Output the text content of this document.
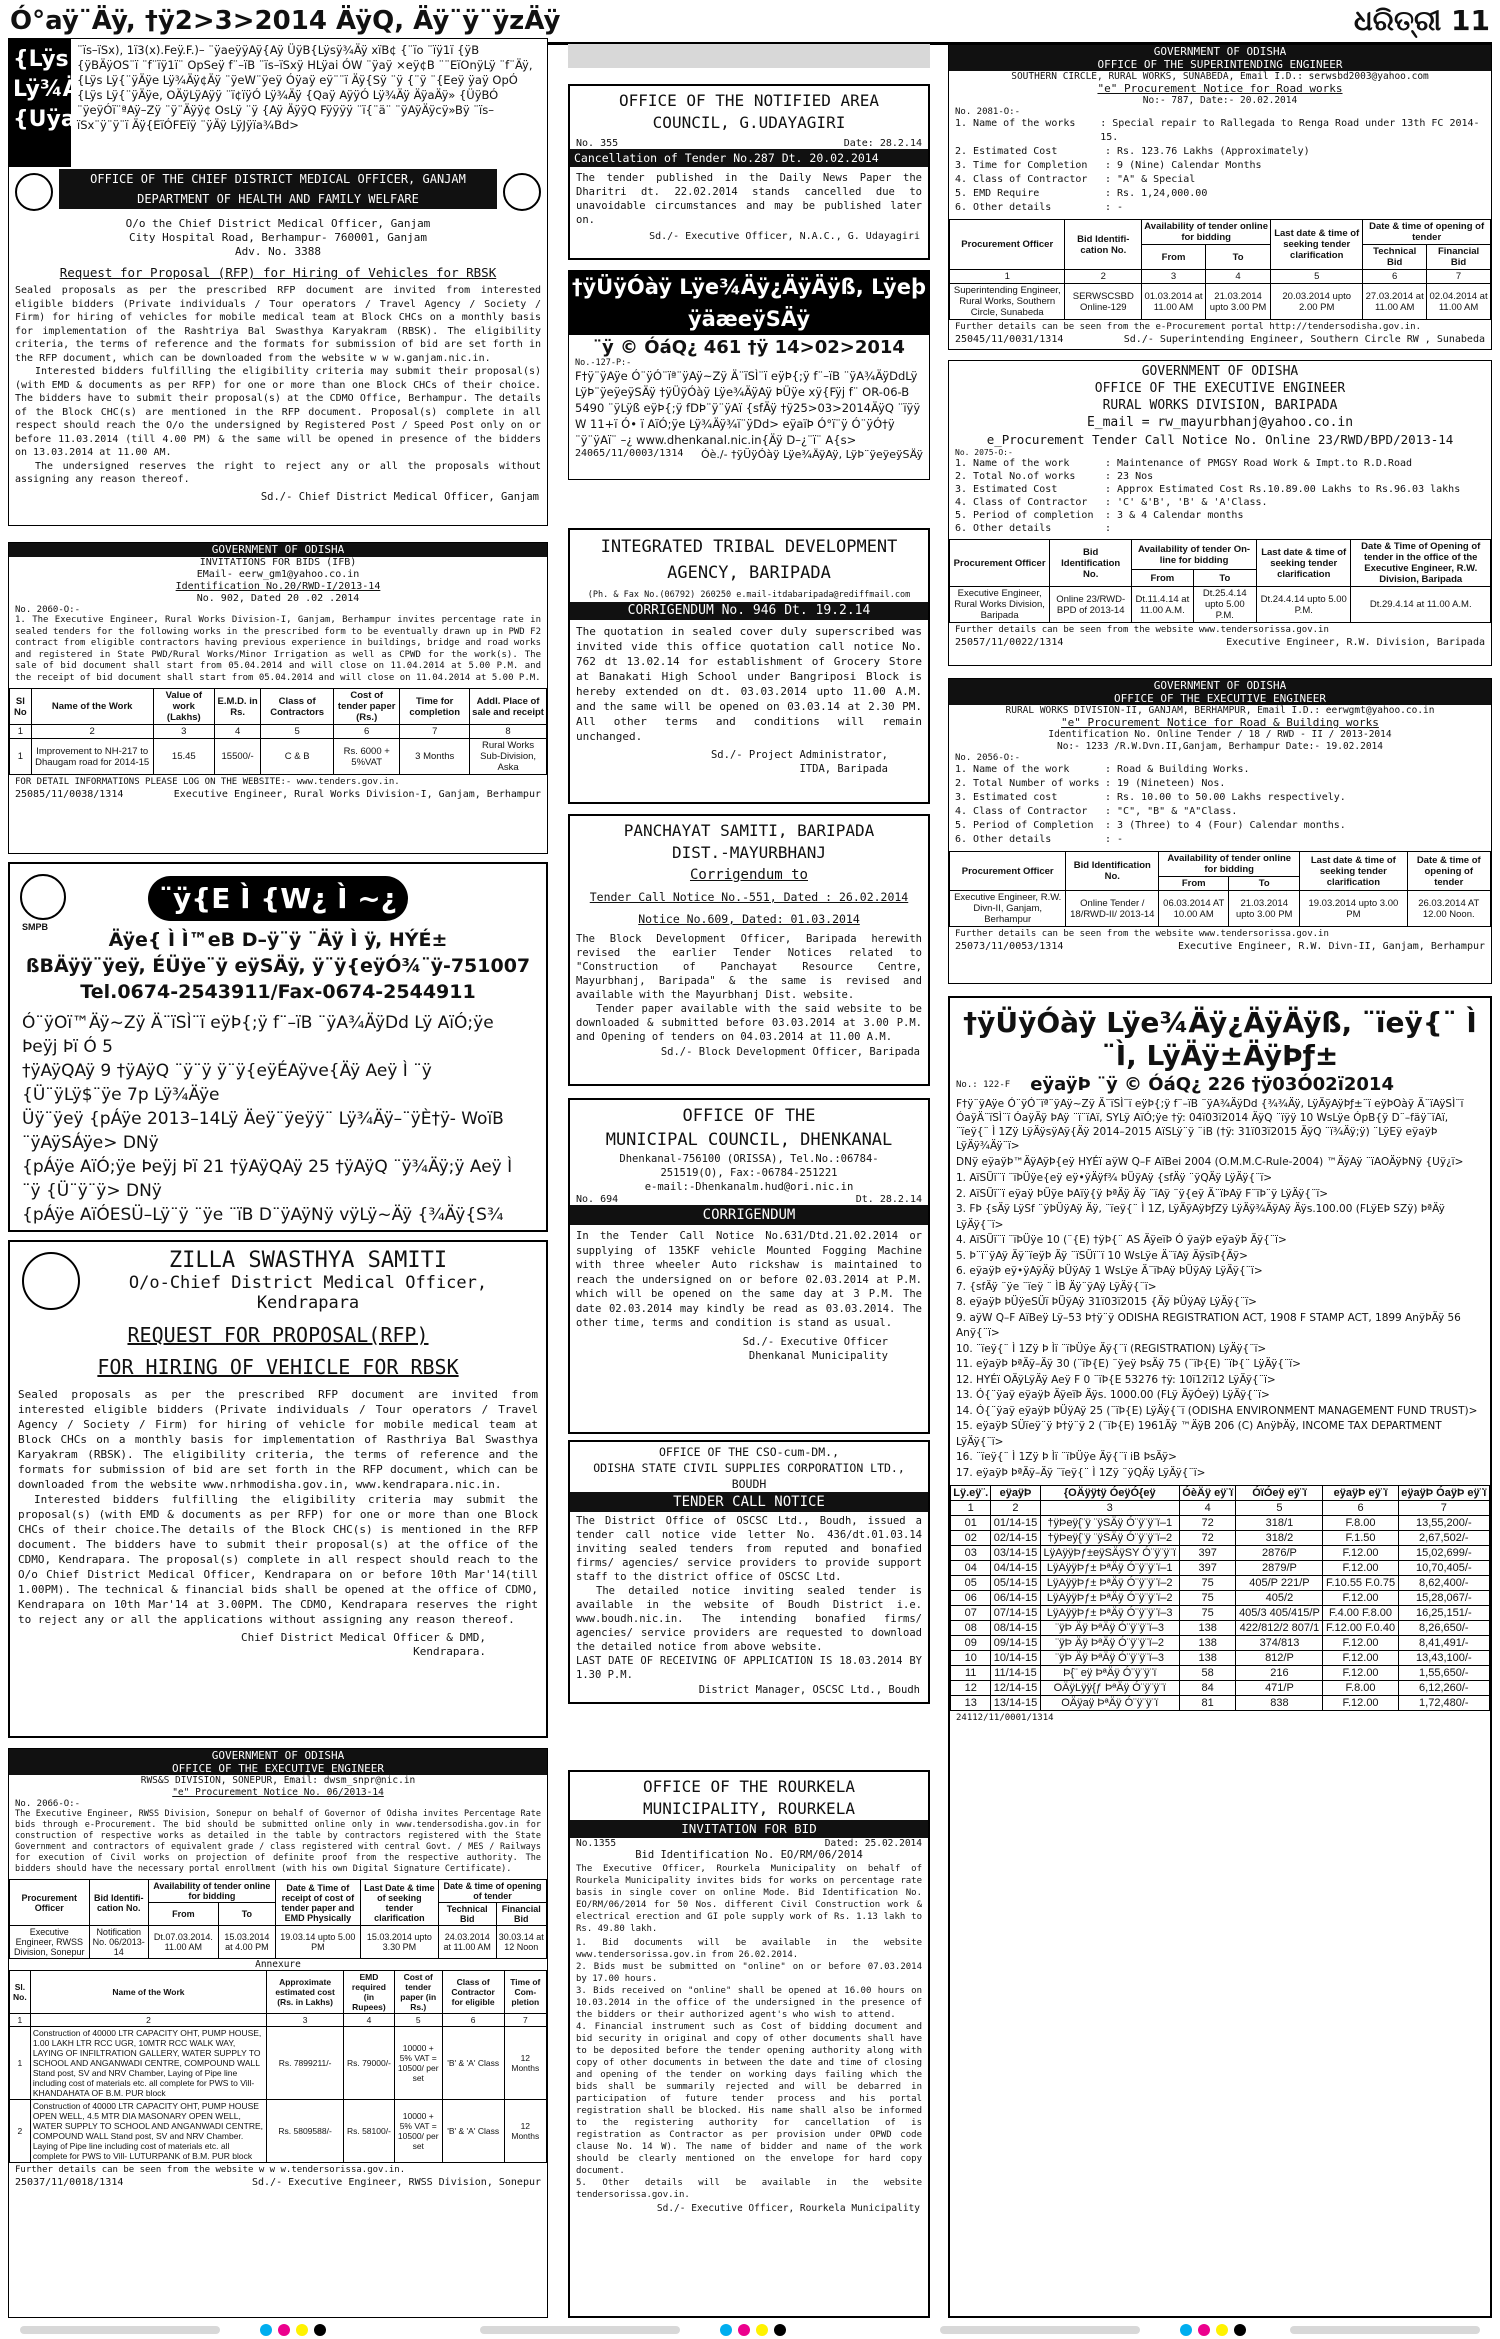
Ó°aÿ¨Äÿ, †ÿ2>3>2014 ÄÿQ, Äÿ¨ÿ¨ÿzÄÿ	ଧରିତ୍ରୀ 11
{Lÿs Lÿ¾Äÿ» {Uÿaÿ
¨ïs–ïSx), 1ï3(x).Feÿ.F.)– ¨ÿaeÿÿAÿ{Aÿ ÜÿB{Lÿsÿ¾Äÿ xïB¢ {¨ïo ¨ïÿ1ï {ÿB {ÿBÄÿOS¨ï ¨f¨ïÿ1ï¨ OpSeÿ f¨–ïB ¨ïs–ïSxÿ HLÿai ÓW ¨ÿaÿ ×eÿ¢B ¨¨EïOnÿLÿ ¨f¨Äÿ, {Lÿs Lÿ{¨ÿÄÿe Lÿ¾Äÿ¢Äÿ ¨ÿeW¨ÿeÿ Óÿaÿ eÿ¨¨ï Äÿ{Sÿ ¨ÿ {¨ÿ ¨{Eeÿ ÿaÿ OpÓ {Lÿs Lÿ{¨ÿÄÿe, OÄÿLÿAÿÿ ¨ï¢ïÿÓ Lÿ¾Äÿ {Qaÿ AÿÿÓ Lÿ¾Äÿ ÄÿaÄÿ» {ÜÿBÓ ¨ÿeÿÓï¨ªAÿ–Zÿ ¨ÿ¨Äÿÿ¢ OsLÿ ¨ÿ {Aÿ ÄÿÿQ Fÿÿÿÿ ¨ï{¨ä¨ ¨ÿAÿÄÿcÿ»Bÿ ¨ïs–ïSx¨ÿ¨ÿ¨ï Äÿ{EïÓFEïÿ ¨ÿÄÿ LÿJÿïa¾Bd>
OFFICE OF THE CHIEF DISTRICT MEDICAL OFFICER, GANJAM
DEPARTMENT OF HEALTH AND FAMILY WELFARE
O/o the Chief District Medical Officer, Ganjam
City Hospital Road, Berhampur- 760001, Ganjam
Adv. No. 3388
Request for Proposal (RFP) for Hiring of Vehicles for RBSK

Sealed proposals as per the prescribed RFP document are invited from interested eligible bidders (Private individuals / Tour operators / Travel Agency / Society / Firm) for hiring of vehicles for mobile medical team at Block CHCs on a monthly basis for implementation of the Rashtriya Bal Swasthya Karyakram (RBSK). The eligibility criteria, the terms of reference and the formats for submission of bid are set forth in the RFP document, which can be downloaded from the website w w w.ganjam.nic.in.

Interested bidders fulfilling the eligibility criteria may submit their proposal(s) (with EMD & documents as per RFP) for one or more than one Block CHCs of their choice. The bidders have to submit their proposal(s) at the CDMO Office, Berhampur. The details of the Block CHC(s) are mentioned in the RFP document. Proposal(s) complete in all respect should reach the O/o the undersigned by Registered Post / Speed Post only on or before 11.03.2014 (till 4.00 PM) & the same will be opened in presence of the bidders on 13.03.2014 at 11.00 AM.

The undersigned reserves the right to reject any or all the proposals without assigning any reason thereof.

Sd./- Chief District Medical Officer, Ganjam
GOVERNMENT OF ODISHA
INVITATIONS FOR BIDS (IFB)
EMail- eerw_gm1@yahoo.co.in
Identification No.20/RWD-I/2013-14
No. 902, Dated 20 .02 .2014
No. 2060-O:-
1. The Executive Engineer, Rural Works Division-I, Ganjam, Berhampur invites percentage rate in sealed tenders for the following works in the prescribed form to be eventually drawn up in PWD F2 contract from eligible contractors having previous experience in buildings, bridge and road works and registered in State PWD/Rural Works/Minor Irrigation as well as CPWD for the work(s). The sale of bid document shall start from 05.04.2014 and will close on 11.04.2014 at 5.00 P.M. and the receipt of bid document shall start from 05.04.2014 and will close on 11.04.2014 at 5.00 P.M.
Sl No	Name of the Work	Value of work (Lakhs)	E.M.D. in Rs.	Class of Contractors	Cost of tender paper (Rs.)	Time for completion	Addl. Place of sale and receipt
1	2	3	4	5	6	7	8
1	Improvement to NH-217 to Dhaugam road for 2014-15	15.45	15500/-	C & B	Rs. 6000 + 5%VAT	3 Months	Rural Works Sub-Division, Aska
FOR DETAIL INFORMATIONS PLEASE LOG ON THE WEBSITE:- www.tenders.gov.in.
25085/11/0038/1314	Executive Engineer, Rural Works Division-I, Ganjam, Berhampur
SMPB
¨ÿ{E Ì {W¿ Ì ~¿
Äÿe{ Ì Ì™eB D–ÿ¨ÿ ¨Äÿ Ì ÿ, HÝÉ±
ßBÄÿÿ¨ÿeÿ, ÉÜÿe¨ÿ eÿSÄÿ, ÿ¨ÿ{eÿÓ¾¨ÿ-751007
Tel.0674-2543911/Fax-0674-2544911
Ó¨ÿOï™Äÿ~Zÿ Ä¨ïSÌ¨ï eÿÞ{;ÿ f¨–ïB ¨ÿA¾ÄÿDd Lÿ AïÓ;ÿe Þeÿj Þï Ó 5
†ÿAÿQAÿ 9 †ÿAÿQ ¨ÿ¨ÿ ÿ¨ÿ{eÿÉAÿve{Äÿ Aeÿ Ì ¨ÿ {Ü¨ÿLÿ$¨ÿe 7p Lÿ¾Äÿe
Üÿ¨ÿeÿ {pÁÿe 2013–14Lÿ Äeÿ¨ÿeÿÿ¨ Lÿ¾Äÿ–¨ÿÈ†ÿ- WoïB ¨ÿAÿSÁÿe> DNÿ
{pÁÿe AïÓ;ÿe Þeÿj Þï 21 †ÿAÿQAÿ 25 †ÿAÿQ ¨ÿ¾Äÿ;ÿ Aeÿ Ì ¨ÿ {Ü¨ÿ¨ÿ> DNÿ
{pÁÿe AïÓESÜ–Lÿ¨ÿ ¨ÿe ¨ïB D¨ÿAÿNÿ vÿLÿ~Äÿ {¾Äÿ{S¾
ZILLA SWASTHYA SAMITI
O/o-Chief District Medical Officer,
Kendrapara
REQUEST FOR PROPOSAL(RFP)
FOR HIRING OF VEHICLE FOR RBSK

Sealed proposals as per the prescribed RFP document are invited from interested eligible bidders (Private individuals / Tour operators / Travel Agency / Society / Firm) for hiring of vehicle for mobile medical team at Block CHCs on a monthly basis for implementation of Rasthriya Bal Swasthya Karyakram (RBSK). The eligibility criteria, the terms of reference and the formats for submission of bid are set forth in the RFP document, which can be downloaded from the website www.nrhmodisha.gov.in, www.kendrapara.nic.in.

Interested bidders fulfilling the eligibility criteria may submit the proposal(s) (with EMD & documents as per RFP) for one or more than one Block CHCs of their choice.The details of the Block CHC(s) is mentioned in the RFP document. The bidders have to submit their proposal(s) at the office of the CDMO, Kendrapara. The proposal(s) complete in all respect should reach to the O/o Chief District Medical Officer, Kendrapara on or before 10th Mar'14(till 1.00PM). The technical & financial bids shall be opened at the office of CDMO, Kendrapara on 10th Mar'14 at 3.00PM. The CDMO, Kendrapara reserves the right to reject any or all the applications without assigning any reason thereof.

Chief District Medical Officer & DMD,
Kendrapara.
GOVERNMENT OF ODISHA
OFFICE OF THE EXECUTIVE ENGINEER
RWS&S DIVISION, SONEPUR, Email: dwsm_snpr@nic.in
"e" Procurement Notice No. 06/2013-14
No. 2066-O:-
The Executive Engineer, RWSS Division, Sonepur on behalf of Governor of Odisha invites Percentage Rate bids through e-Procurement. The bid should be submitted online only in www.tendersodisha.gov.in for construction of respective works as detailed in the table by contractors registered with the State Government and contractors of equivalent grade / class registered with central Govt. / MES / Railways for execution of Civil works on projection of definite proof from the respective authority. The bidders should have the necessary portal enrollment (with his own Digital Signature Certificate).
Procurement Officer	Bid Identifi- cation No.	Availability of tender online for bidding		Date & Time of receipt of cost of tender paper and EMD Physically	Last Date & time of seeking tender clarification	Date & time of opening of tender	
		From	To			Technical Bid	Financial Bid
Executive Engineer, RWSS Division, Sonepur	Notification No. 06/2013-14	Dt.07.03.2014. 11.00 AM	15.03.2014 at 4.00 PM	19.03.14 upto 5.00 PM	15.03.2014 upto 3.30 PM	24.03.2014 at 11.00 AM	30.03.14 at 12 Noon
Annexure
Sl. No.	Name of the Work	Approximate estimated cost (Rs. in Lakhs)	EMD required (in Rupees)	Cost of tender paper (in Rs.)	Class of Contractor for eligible	Time of Com- pletion
1	2	3	4	5	6	7
1	Construction of 40000 LTR CAPACITY OHT, PUMP HOUSE, 1.00 LAKH LTR RCC UGR, 10MTR RCC WALK WAY, LAYING OF INFILTRATION GALLERY, WATER SUPPLY TO SCHOOL AND ANGANWADI CENTRE, COMPOUND WALL Stand post, SV and NRV Chamber, Laying of Pipe line including cost of materials etc. all complete for PWS to Vill-KHANDAHATA OF B.M. PUR block	Rs. 7899211/-	Rs. 79000/-	10000 + 5% VAT = 10500/ per set	'B' & 'A' Class	12 Months
2	Construction of 40000 LTR CAPACITY OHT, PUMP HOUSE OPEN WELL, 4.5 MTR DIA MASONARY OPEN WELL, WATER SUPPLY TO SCHOOL AND ANGANWADI CENTRE, COMPOUND WALL Stand post, SV and NRV Chamber. Laying of Pipe line including cost of materials etc. all complete for PWS to Vill- LUTURPANK of B.M. PUR block	Rs. 5809588/-	Rs. 58100/-	10000 + 5% VAT = 10500/ per set	'B' & 'A' Class	12 Months
Further details can be seen from the website w w w.tendersorissa.gov.in.
25037/11/0018/1314	Sd./- Executive Engineer, RWSS Division, Sonepur
OFFICE OF THE NOTIFIED AREA
COUNCIL, G.UDAYAGIRI
No. 355	Date: 28.2.14
Cancellation of Tender No.287 Dt. 20.02.2014
The tender published in the Daily News Paper the Dharitri dt. 22.02.2014 stands cancelled due to unavoidable circumstances and may be published later on.
Sd./- Executive Officer, N.A.C., G. Udayagiri
†ÿÜÿÓàÿ Lÿe¾Äÿ¿ÄÿÄÿß, Lÿeþ ÿäæeÿSÄÿ
¨ÿ © ÓáQ¿ 461 †ÿ 14>02>2014
No.-127-P:-
F†ÿ¨ÿAÿe Ó¨ÿÓ¨ïª¨ÿAÿ~Zÿ Ä¨ïSÌ¨ï eÿÞ{;ÿ f¨–ïB ¨ÿA¾ÄÿDdLÿ LÿÞ¨ÿeÿeÿSÄÿ †ÿÜÿÓàÿ Lÿe¾ÄÿAÿ ÞÜÿe xÿ{Fÿj f¨ OR-06-B 5490 ¨ÿLÿß eÿÞ{;ÿ fDÞ¨ÿ¨ÿAï {sfÄÿ †ÿ25>03>2014ÄÿQ ¨ïÿÿ W 11+ï Ó• ï AïÓ;ÿe Lÿ¾Äÿ¾ï¨ÿDd> eÿaïÞ Ó°ï¨ÿ Ó¨ÿÓ†ÿ ¨ÿ¨ÿAï¨ –¿ www.dhenkanal.nic.in{Äÿ D–¿¨ï¨ A{s>
24065/11/0003/1314 Óè./- †ÿÜÿÓàÿ Lÿe¾ÄÿAÿ, LÿÞ¨ÿeÿeÿSÄÿ
INTEGRATED TRIBAL DEVELOPMENT
AGENCY, BARIPADA
(Ph. & Fax No.(06792) 260250 e.mail-itdabaripada@rediffmail.com
CORRIGENDUM No. 946 Dt. 19.2.14
The quotation in sealed cover duly superscribed was invited vide this office quotation call notice No. 762 dt 13.02.14 for establishment of Grocery Store at Banakati High School under Bangriposi Block is hereby extended on dt. 03.03.2014 upto 11.00 A.M. and the same will be opened on 03.03.14 at 2.30 PM. All other terms and conditions will remain unchanged.
Sd./- Project Administrator,
ITDA, Baripada
PANCHAYAT SAMITI, BARIPADA
DIST.-MAYURBHANJ
Corrigendum to
Tender Call Notice No.-551, Dated : 26.02.2014
Notice No.609, Dated: 01.03.2014

The Block Development Officer, Baripada herewith revised the earlier Tender Notices related to "Construction of Panchayat Resource Centre, Mayurbhanj, Baripada" & the same is revised and available with the Mayurbhanj Dist. website.

Tender paper available with the said website to be downloaded & submitted before 03.03.2014 at 3.00 P.M. and Opening of tenders on 04.03.2014 at 11.00 A.M.

Sd./- Block Development Officer, Baripada
OFFICE OF THE
MUNICIPAL COUNCIL, DHENKANAL
Dhenkanal-756100 (ORISSA), Tel.No.:06784-
251519(O), Fax:-06784-251221
e-mail:-Dhenkanalm.hud@ori.nic.in
No. 694	Dt. 28.2.14
CORRIGENDUM
In the Tender Call Notice No.631/Dtd.21.02.2014 or supplying of 135KF vehicle Mounted Fogging Machine with three wheeler Auto rickshaw is maintained to reach the undersigned on or before 02.03.2014 at P.M. which will be opened on the same day at 3 P.M. The date 02.03.2014 may kindly be read as 03.03.2014. The other time, terms and condition is stand as usual.
Sd./- Executive Officer
Dhenkanal Municipality
OFFICE OF THE CSO-cum-DM.,
ODISHA STATE CIVIL SUPPLIES CORPORATION LTD.,
BOUDH
TENDER CALL NOTICE

The District Office of OSCSC Ltd., Boudh, issued a tender call notice vide letter No. 436/dt.01.03.14 inviting sealed tenders from reputed and bonafied firms/ agencies/ service providers to provide support staff to the district office of OSCSC Ltd.

The detailed notice inviting sealed tender is available in the website of Boudh District i.e. www.boudh.nic.in. The intending bonafied firms/ agencies/ service providers are requested to download the detailed notice from above website.

LAST DATE OF RECEIVING OF APPLICATION IS 18.03.2014 BY 1.30 P.M.

District Manager, OSCSC Ltd., Boudh
OFFICE OF THE ROURKELA
MUNICIPALITY, ROURKELA
INVITATION FOR BID
No.1355	Dated: 25.02.2014
Bid Identification No. EO/RM/06/2014
The Executive Officer, Rourkela Municipality on behalf of Rourkela Municipality invites bids for works on percentage rate basis in single cover on online Mode. Bid Identification No. EO/RM/06/2014 for 50 Nos. different Civil Construction work & electrical erection and GI pole supply work of Rs. 1.13 lakh to Rs. 49.80 lakh.

1. Bid documents will be available in the website www.tendersorissa.gov.in from 26.02.2014.

2. Bids must be submitted on "online" on or before 07.03.2014 by 17.00 hours.

3. Bids received on "online" shall be opened at 16.00 hours on 10.03.2014 in the office of the undersigned in the presence of the bidders or their authorized agent's who wish to attend.

4. Financial instrument such as Cost of bidding document and bid security in original and copy of other documents shall have to be deposited before the tender opening authority along with copy of other documents in between the date and time of closing and opening of the tender on working days failing which the bids shall be summarily rejected and will be debarred in participation of future tender process and his portal registration shall be blocked. His name shall also be informed to the registering authority for cancellation of is registration as Contractor as per provision under OPWD code clause No. 14 W). The name of bidder and name of the work should be clearly mentioned on the envelope for hard copy document.

5. Other details will be available in the website tendersorissa.gov.in.

Sd./- Executive Officer, Rourkela Municipality
GOVERNMENT OF ODISHA
OFFICE OF THE SUPERINTENDING ENGINEER
SOUTHERN CIRCLE, RURAL WORKS, SUNABEDA, Email I.D.: serwsbd2003@yahoo.com
"e" Procurement Notice for Road works
No:- 787, Date:- 20.02.2014
No. 2081-O:-
1. Name of the works	: Special repair to Rallegada to Renga Road under 13th FC 2014-15.
2. Estimated Cost	: Rs. 123.76 Lakhs (Approximately)
3. Time for Completion	: 9 (Nine) Calendar Months
4. Class of Contractor	: "A" & Special
5. EMD Require	: Rs. 1,24,000.00
6. Other details	: -
Procurement Officer	Bid Identifi- cation No.	Availability of tender online for bidding		Last date & time of seeking tender clarification	Date & time of opening of tender	
		From	To		Technical Bid	Financial Bid
1	2	3	4	5	6	7
Superintending Engineer, Rural Works, Southern Circle, Sunabeda	SERWSCSBD Online-129	01.03.2014 at 11.00 AM	21.03.2014 upto 3.00 PM	20.03.2014 upto 2.00 PM	27.03.2014 at 11.00 AM	02.04.2014 at 11.00 AM
Further details can be seen from the e-Procurement portal http://tendersodisha.gov.in.
25045/11/0031/1314	Sd./- Superintending Engineer, Southern Circle RW , Sunabeda
GOVERNMENT OF ODISHA
OFFICE OF THE EXECUTIVE ENGINEER
RURAL WORKS DIVISION, BARIPADA
E_mail = rw_mayurbhanj@yahoo.co.in
e_Procurement Tender Call Notice No. Online 23/RWD/BPD/2013-14
No. 2075-O:-
1. Name of the work	: Maintenance of PMGSY Road Work & Impt.to R.D.Road
2. Total No.of works	: 23 Nos
3. Estimated Cost	: Approx Estimated Cost Rs.10.89.00 Lakhs to Rs.96.03 lakhs
4. Class of Contractor	: 'C' &'B', 'B' & 'A'Class.
5. Period of completion	: 3 & 4 Calendar months
6. Other details	:
Procurement Officer	Bid Identification No.	Availability of tender On-line for bidding		Last date & time of seeking tender clarification	Date & Time of Opening of tender in the office of the Executive Engineer, R.W. Division, Baripada
		From	To		
Executive Engineer, Rural Works Division, Baripada	Online 23/RWD-BPD of 2013-14	Dt.11.4.14 at 11.00 A.M.	Dt.25.4.14 upto 5.00 P.M.	Dt.24.4.14 upto 5.00 P.M.	Dt.29.4.14 at 11.00 A.M.
Further details can be seen from the website www.tendersorissa.gov.in
25057/11/0022/1314	Executive Engineer, R.W. Division, Baripada
GOVERNMENT OF ODISHA
OFFICE OF THE EXECUTIVE ENGINEER
RURAL WORKS DIVISION-II, GANJAM, BERHAMPUR, Email I.D.: eerwgmt@yahoo.co.in
"e" Procurement Notice for Road & Building works
Identification No. Online Tender / 18 / RWD - II / 2013-2014
No:- 1233 /R.W.Dvn.II,Ganjam, Berhampur Date:- 19.02.2014
No. 2056-O:-
1. Name of the work	: Road & Building Works.
2. Total Number of works : 19 (Nineteen) Nos.
3. Estimated cost	: Rs. 10.00 to 50.00 Lakhs respectively.
4. Class of Contractor	: "C", "B" & "A"Class.
5. Period of Completion	: 3 (Three) to 4 (Four) Calendar months.
6. Other details	: -
Procurement Officer	Bid Identification No.	Availability of tender online for bidding		Last date & time of seeking tender clarification	Date & time of opening of tender
		From	To		
Executive Engineer, R.W. Divn-II, Ganjam, Berhampur	Online Tender / 18/RWD-II/ 2013-14	06.03.2014 AT 10.00 AM	21.03.2014 upto 3.00 PM	19.03.2014 upto 3.00 PM	26.03.2014 AT 12.00 Noon.
Further details can be seen from the website www.tendersorissa.gov.in
25073/11/0053/1314	Executive Engineer, R.W. Divn-II, Ganjam, Berhampur
†ÿÜÿÓàÿ Lÿe¾Äÿ¿ÄÿÄÿß, ¨ïeÿ{¨ Ì ¨Ì, LÿÄÿ±ÄÿÞƒ±
No.: 122-F eÿaÿÞ ¨ÿ © ÓáQ¿ 226 †ÿ03Ó02ï2014
F†ÿ¨ÿAÿe Ó¨ÿÓ¨ïª¨ÿAÿ~Zÿ Ä¨ïSÌ¨ï eÿÞ{;ÿ f¨–ïB ¨ÿA¾ÄÿDd {¾¾Äÿ, LÿÄÿAÿÞƒ±¨ï eÿÞOàÿ Ä¨ïAÿSÌ¨ï ÓaÿÄ¨ïSÌ¨ï ÓaÿÄÿ ÞAÿ ¨ï¨ïAï, SYLÿ AïÓ;ÿe †ÿ: 04ï03ï2014 ÄÿQ ¨ïÿÿ 10 WsLÿe ÓpB{ÿ D¨–fäÿ¨ïAï, ¨ïeÿ{¨ Ì 1Zÿ LÿÄÿsÿAÿ{Äÿ 2014–2015 AïSLÿ¨ÿ ¨iB (†ÿ: 31ï03ï2015 ÄÿQ ¨ï¾Äÿ;ÿ) ¨LÿEÿ eÿaÿÞ LÿÄÿ¾Äÿ¨ï>
DNÿ eÿaÿÞ™ÄÿAÿÞ{eÿ HYÉï aÿW Q–F AïBei 2004 (O.M.M.C-Rule-2004) ™ÄÿAÿ ¨ïAOÄÿÞNÿ {Uÿ¿ï>
1. AïSÜï¨ï ¨ïÞÜÿe{eÿ eÿ•ÿÄÿf¾ ÞÜÿAÿ {sfÄÿ ¨ÿQÄÿ LÿÄÿ{¨ï>
2. AïSÜï¨ï eÿaÿ ÞÜÿe ÞAïÿ{ÿ ÞªÄÿ Äÿ ¨ïAÿ ¨ÿ{eÿ Ä¨ïÞAÿ F¨ïÞ¨ÿ LÿÄÿ{¨ï>
3. FÞ {sÄÿ LÿSf ¨ÿÞÜÿAÿ Äÿ, ¨ïeÿ{¨ Ì 1Z, LÿÄÿAÿÞƒZÿ LÿÄÿ¾ÄÿAÿ Äÿs.100.00 (FLÿEÞ SZÿ) ÞªÄÿ LÿÄÿ{¨ï>
4. AïSÜï¨ï ¨ïÞÜÿe 10 (¨{E) †ÿÞ{¨ AS ÄÿeïÞ Ó ÿaÿÞ eÿaÿÞ Äÿ{¨ï>
5. Þ¨ï¨ÿAÿ Äÿ¨ïeÿÞ Äÿ ¨ïSÜï¨ï 10 WsLÿe Ä¨ïAÿ ÄÿsïÞ{Äÿ>
6. eÿaÿÞ eÿ•ÿAÿÄÿ ÞÜÿAÿ 1 WsLÿe Ä¨ïÞAÿ ÞÜÿAÿ LÿÄÿ{¨ï>
7. {sfÄÿ ¨ÿe ¨ïeÿ ¨ ÌB Äÿ¨ÿAÿ LÿÄÿ{¨ï>
8. eÿaÿÞ ÞÜÿeSÜï ÞÜÿAÿ 31ï03ï2015 {Äÿ ÞÜÿAÿ LÿÄÿ{¨ï>
9. aÿW Q–F AïBeÿ Lÿ–53 Þ†ÿ¨ÿ ODISHA REGISTRATION ACT, 1908 F STAMP ACT, 1899 AnÿÞÄÿ 56 Anÿ{¨ï>
10. ¨ïeÿ{¨ Ì 1Zÿ Þ Ìï ¨ïÞÜÿe Äÿ{¨ï (REGISTRATION) LÿÄÿ{¨ï>
11. eÿaÿÞ ÞªÄÿ–Äÿ 30 (¨ïÞ{E) ¨ÿeÿ ÞsÄÿ 75 (¨ïÞ{E) ¨ïÞ{¨ LÿÄÿ{¨ï>
12. HYÉï OÄÿLÿÄÿ Aeÿ F 0 ¨ïÞ{E 53276 †ÿ: 10ï12ï12 LÿÄÿ{¨ï>
13. Ó{¨ÿaÿ eÿaÿÞ ÄÿeïÞ Äÿs. 1000.00 (FLÿ ÄÿÓeÿ) LÿÄÿ{¨ï>
14. Ó{¨ÿaÿ eÿaÿÞ ÞÜÿAÿ 25 (¨ïÞ{E) LÿÄÿ{¨ï (ODISHA ENVIRONMENT MANAGEMENT FUND TRUST)>
15. eÿaÿÞ SÜïeÿ¨ÿ Þ†ÿ¨ÿ 2 (¨ïÞ{E) 1961Äÿ ™ÄÿB 206 (C) AnÿÞÄÿ, INCOME TAX DEPARTMENT LÿÄÿ{¨ï>
16. ¨ïeÿ{¨ Ì 1Zÿ Þ Ìï ¨ïÞÜÿe Äÿ{¨ï iB ÞsÄÿ>
17. eÿaÿÞ ÞªÄÿ–Äÿ ¨ïeÿ{¨ Ì 1Zÿ ¨ÿQÄÿ LÿÄÿ{¨ï>
Lÿ.eÿ¨.	eÿaÿÞ	{OÄÿÿtÿ ÓeÿÓ{eÿ	ÓèÄÿ eÿ¨ï	ÓïÓeÿ eÿ¨ï	eÿaÿÞ eÿ¨ï	eÿaÿÞ ÓaÿÞ eÿ¨ï
1	2	3	4	5	6	7
01	01/14-15	†ÿÞeÿ{¨ÿ ¨ÿSÄÿ Ó¨ÿ¨ÿ¨ï–1	72	318/1	F.8.00	13,55,200/-
02	02/14-15	†ÿÞeÿ{¨ÿ ¨ÿSÄÿ Ó¨ÿ¨ÿ¨ï–2	72	318/2	F.1.50	2,67,502/-
03	03/14-15	LÿAÿÿÞƒ±eÿSÄÿSY Ó¨ÿ¨ÿ¨ï	397	2876/P	F.12.00	15,02,699/-
04	04/14-15	LÿAÿÿÞƒ± ÞªÄÿ Ó¨ÿ¨ÿ¨ï–1	397	2879/P	F.12.00	10,70,405/-
05	05/14-15	LÿAÿÿÞƒ± ÞªÄÿ Ó¨ÿ¨ÿ¨ï–2	75	405/P 221/P	F.10.55 F.0.75	8,62,400/-
06	06/14-15	LÿAÿÿÞƒ± ÞªÄÿ Ó¨ÿ¨ÿ¨ï–2	75	405/2	F.12.00	15,28,067/-
07	07/14-15	LÿAÿÿÞƒ± ÞªÄÿ Ó¨ÿ¨ÿ¨ï–3	75	405/3 405/415/P	F.4.00 F.8.00	16,25,151/-
08	08/14-15	¨ÿÞ Äÿ ÞªÄÿ Ó¨ÿ¨ÿ¨ï–3	138	422/812/2 807/1	F.12.00 F.0.40	8,26,650/-
09	09/14-15	¨ÿÞ Äÿ ÞªÄÿ Ó¨ÿ¨ÿ¨ï–2	138	374/813	F.12.00	8,41,491/-
10	10/14-15	¨ÿÞ Äÿ ÞªÄÿ Ó¨ÿ¨ÿ¨ï–3	138	812/P	F.12.00	13,43,100/-
11	11/14-15	Þ{¨ eÿ ÞªÄÿ Ó¨ÿ¨ÿ¨ï	58	216	F.12.00	1,55,650/-
12	12/14-15	OÄÿLÿÿ{ƒ ÞªÄÿ Ó¨ÿ¨ÿ¨ï	84	471/P	F.8.00	6,12,260/-
13	13/14-15	OÄÿaÿ ÞªÄÿ Ó¨ÿ¨ÿ¨ï	81	838	F.12.00	1,72,480/-
24112/11/0001/1314
